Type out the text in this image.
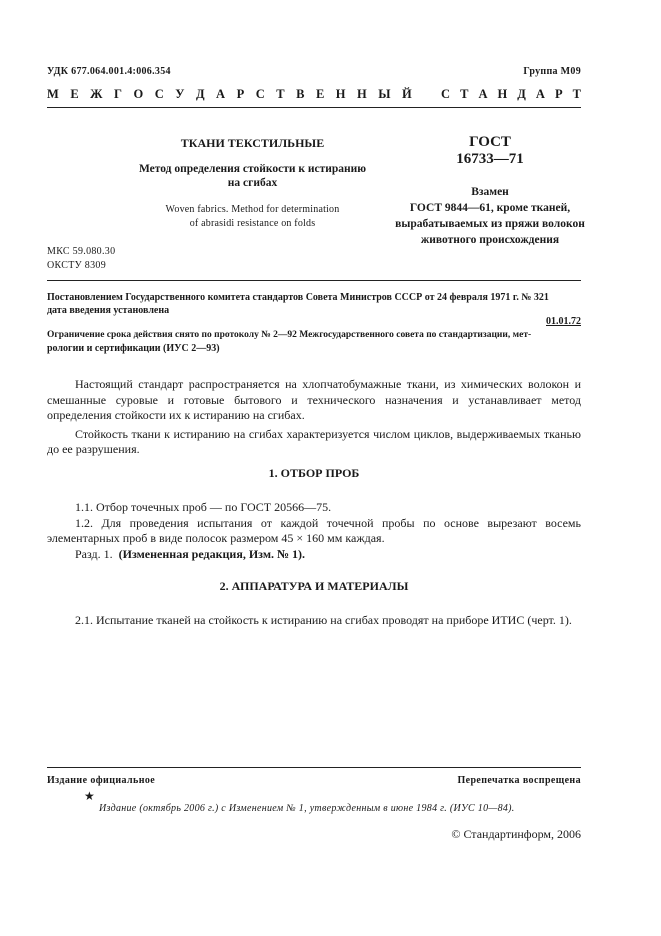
УДК 677.064.001.4:006.354	Группа М09
М Е Ж Г О С У Д А Р С Т В Е Н Н Ы Й С Т А Н Д А Р Т
ТКАНИ ТЕКСТИЛЬНЫЕ
Метод определения стойкости к истиранию
на сгибах
Woven fabrics. Method for determination
of abrasidi resistance on folds
ГОСТ
16733—71
Взамен
ГОСТ 9844—61, кроме тканей,
вырабатываемых из пряжи волокон
животного происхождения
МКС 59.080.30
ОКСТУ 8309
Постановлением Государственного комитета стандартов Совета Министров СССР от 24 февраля 1971 г. № 321
дата введения установлена
01.01.72
Ограничение срока действия снято по протоколу № 2—92 Межгосударственного совета по стандартизации, мет-
рологии и сертификации (ИУС 2—93)

Настоящий стандарт распространяется на хлопчатобумажные ткани, из химических волокон и смешанные суровые и готовые бытового и технического назначения и устанавливает метод определения стойкости их к истиранию на сгибах.

Стойкость ткани к истиранию на сгибах характеризуется числом циклов, выдерживаемых тканью до ее разрушения.

1. ОТБОР ПРОБ

1.1. Отбор точечных проб — по ГОСТ 20566—75.

1.2. Для проведения испытания от каждой точечной пробы по основе вырезают восемь элементарных проб в виде полосок размером 45 × 160 мм каждая.

Разд. 1. (Измененная редакция, Изм. № 1).

2. АППАРАТУРА И МАТЕРИАЛЫ

2.1. Испытание тканей на стойкость к истиранию на сгибах проводят на приборе ИТИС (черт. 1).

Издание официальное	Перепечатка воспрещена
★
Издание (октябрь 2006 г.) с Изменением № 1, утвержденным в июне 1984 г. (ИУС 10—84).
© Стандартинформ, 2006
